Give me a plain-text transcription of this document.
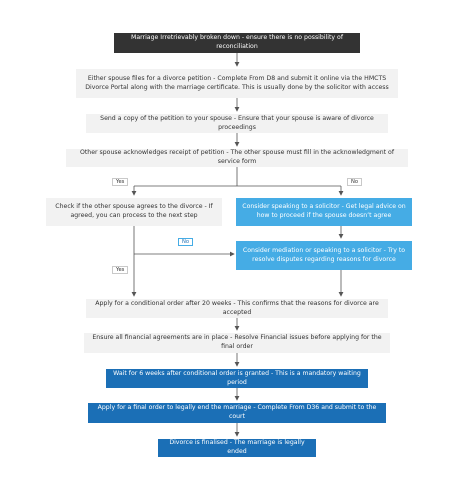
Marriage Irretrievably broken down - ensure there is no possibility of reconciliation
Either spouse files for a divorce petition - Complete From D8 and submit it online via the HMCTS Divorce Portal along with the marriage certificate. This is usually done by the solicitor with access
Send a copy of the petition to your spouse - Ensure that your spouse is aware of divorce proceedings
Other spouse acknowledges receipt of petition - The other spouse must fill in the acknowledgment of service form
Yes	No
Check if the other spouse agrees to the divorce - If agreed, you can process to the next step
Consider speaking to a solicitor - Get legal advice on how to proceed if the spouse doesn’t agree
No
Consider mediation or speaking to a solicitor - Try to resolve disputes regarding reasons for divorce
Yes
Apply for a conditional order after 20 weeks - This confirms that the reasons for divorce are accepted
Ensure all financial agreements are in place - Resolve Financial issues before applying for the final order
Wait for 6 weeks after conditional order is granted - This is a mandatory waiting period
Apply for a final order to legally end the marriage - Complete From D36 and submit to the court
Divorce is finalised - The marriage is legally ended
